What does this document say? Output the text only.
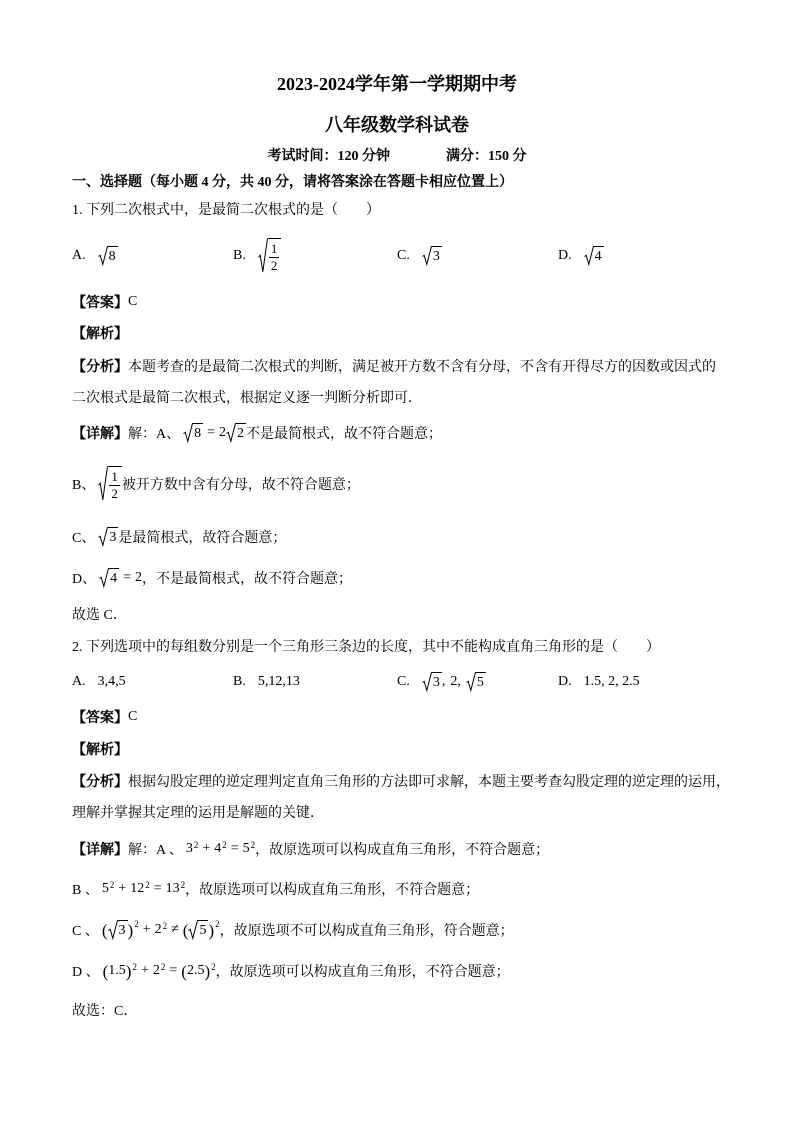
2023-2024学年第一学期期中考
八年级数学科试卷
考试时间：120 分钟	满分：150 分
一、选择题（每小题 4 分，共 40 分，请将答案涂在答题卡相应位置上）
1. 下列二次根式中，是最简二次根式的是（　　）
A.	8	B. $\frac{1}{2}$	C.	3	D.	4
【答案】 C
【解析】
【分析】 本题考查的是最简二次根式的判断，满足被开方数不含有分母，不含有开得尽方的因数或因式的
二次根式是最简二次根式，根据定义逐一判断分析即可．
【详解】 解：A、	8 = 2 2 不是最简根式，故不符合题意；
B、 $\frac{1}{2}$ 被开方数中含有分母，故不符合题意；
C、	3 是最简根式，故符合题意；
D、	4 = 2 ，不是最简根式，故不符合题意；
故选 C．
2. 下列选项中的每组数分别是一个三角形三条边的长度，其中不能构成直角三角形的是（　　）
A. 3,4,5	B. 5,12,13	C.	3 , 2 ,	5	D. 1.5, 2, 2.5
【答案】 C
【解析】
【分析】 根据勾股定理的逆定理判定直角三角形的方法即可求解，本题主要考查勾股定理的逆定理的运用，
理解并掌握其定理的运用是解题的关键．
【详解】 解：A 、 $3^2 + 4^2 = 5^2$ ，故原选项可以构成直角三角形，不符合题意；
B 、 $5^2 + 12^2 = 13^2$ ，故原选项可以构成直角三角形，不符合题意；
C 、 ( 3 )$^2 + 2^2$ ≠ ( 5 )$^2$ ，故原选项不可以构成直角三角形，符合题意；
D 、 ( 1.5 )$^2 + 2^2$ = ( 2.5 )$^2$ ，故原选项可以构成直角三角形，不符合题意；
故选：C．
